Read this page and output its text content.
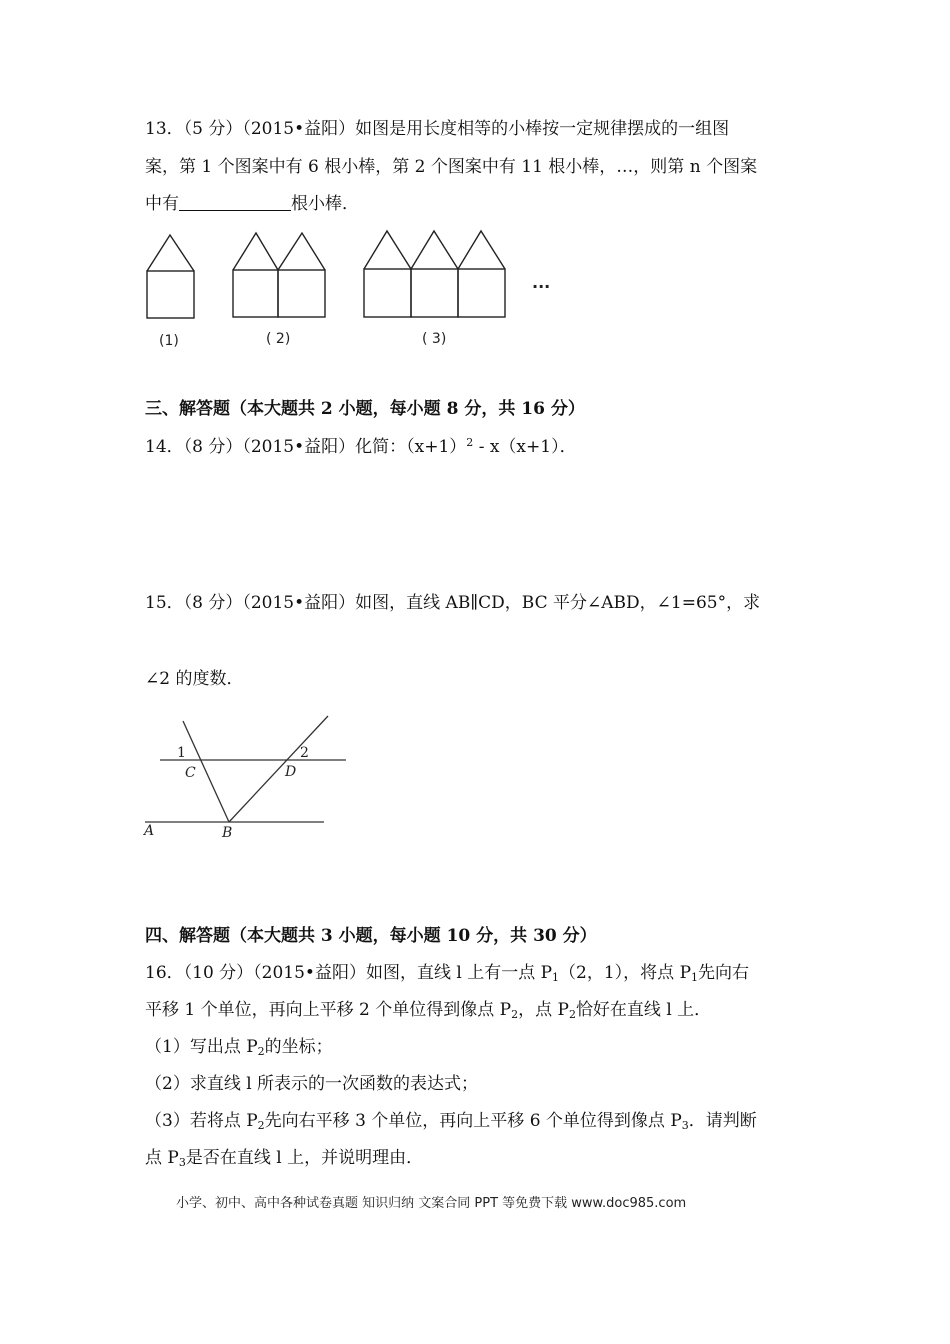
13．（5 分）（2015•益阳）如图是用长度相等的小棒按一定规律摆成的一组图
案，第 1 个图案中有 6 根小棒，第 2 个图案中有 11 根小棒，…，则第 n 个图案
中有	根小棒．
(1)	( 2)	( 3)
···
1	2
C	D
A	B
三、解答题（本大题共 2 小题，每小题 8 分，共 16 分）
14．（8 分）（2015•益阳）化简：$(x+1)^2 - x(x+1)$．
15．（8 分）（2015•益阳）如图，直线 AB∥CD，BC 平分∠ABD，∠1=65°，求
∠2 的度数．
四、解答题（本大题共 3 小题，每小题 10 分，共 30 分）
16．（10 分）（2015•益阳）如图，直线 l 上有一点 $P_1(2$，1），将点 $P_1$先向右
平移 1 个单位，再向上平移 2 个单位得到像点 $P_2$，点 $P_2$恰好在直线 l 上．
（1）写出点 $P_2$的坐标；
（2）求直线 l 所表示的一次函数的表达式；
（3）若将点 $P_2$先向右平移 3 个单位，再向上平移 6 个单位得到像点 $P_3$．请判断
点 $P_3$是否在直线 l 上，并说明理由．
小学、初中、高中各种试卷真题 知识归纳 文案合同 PPT 等免费下载 www.doc985.com
